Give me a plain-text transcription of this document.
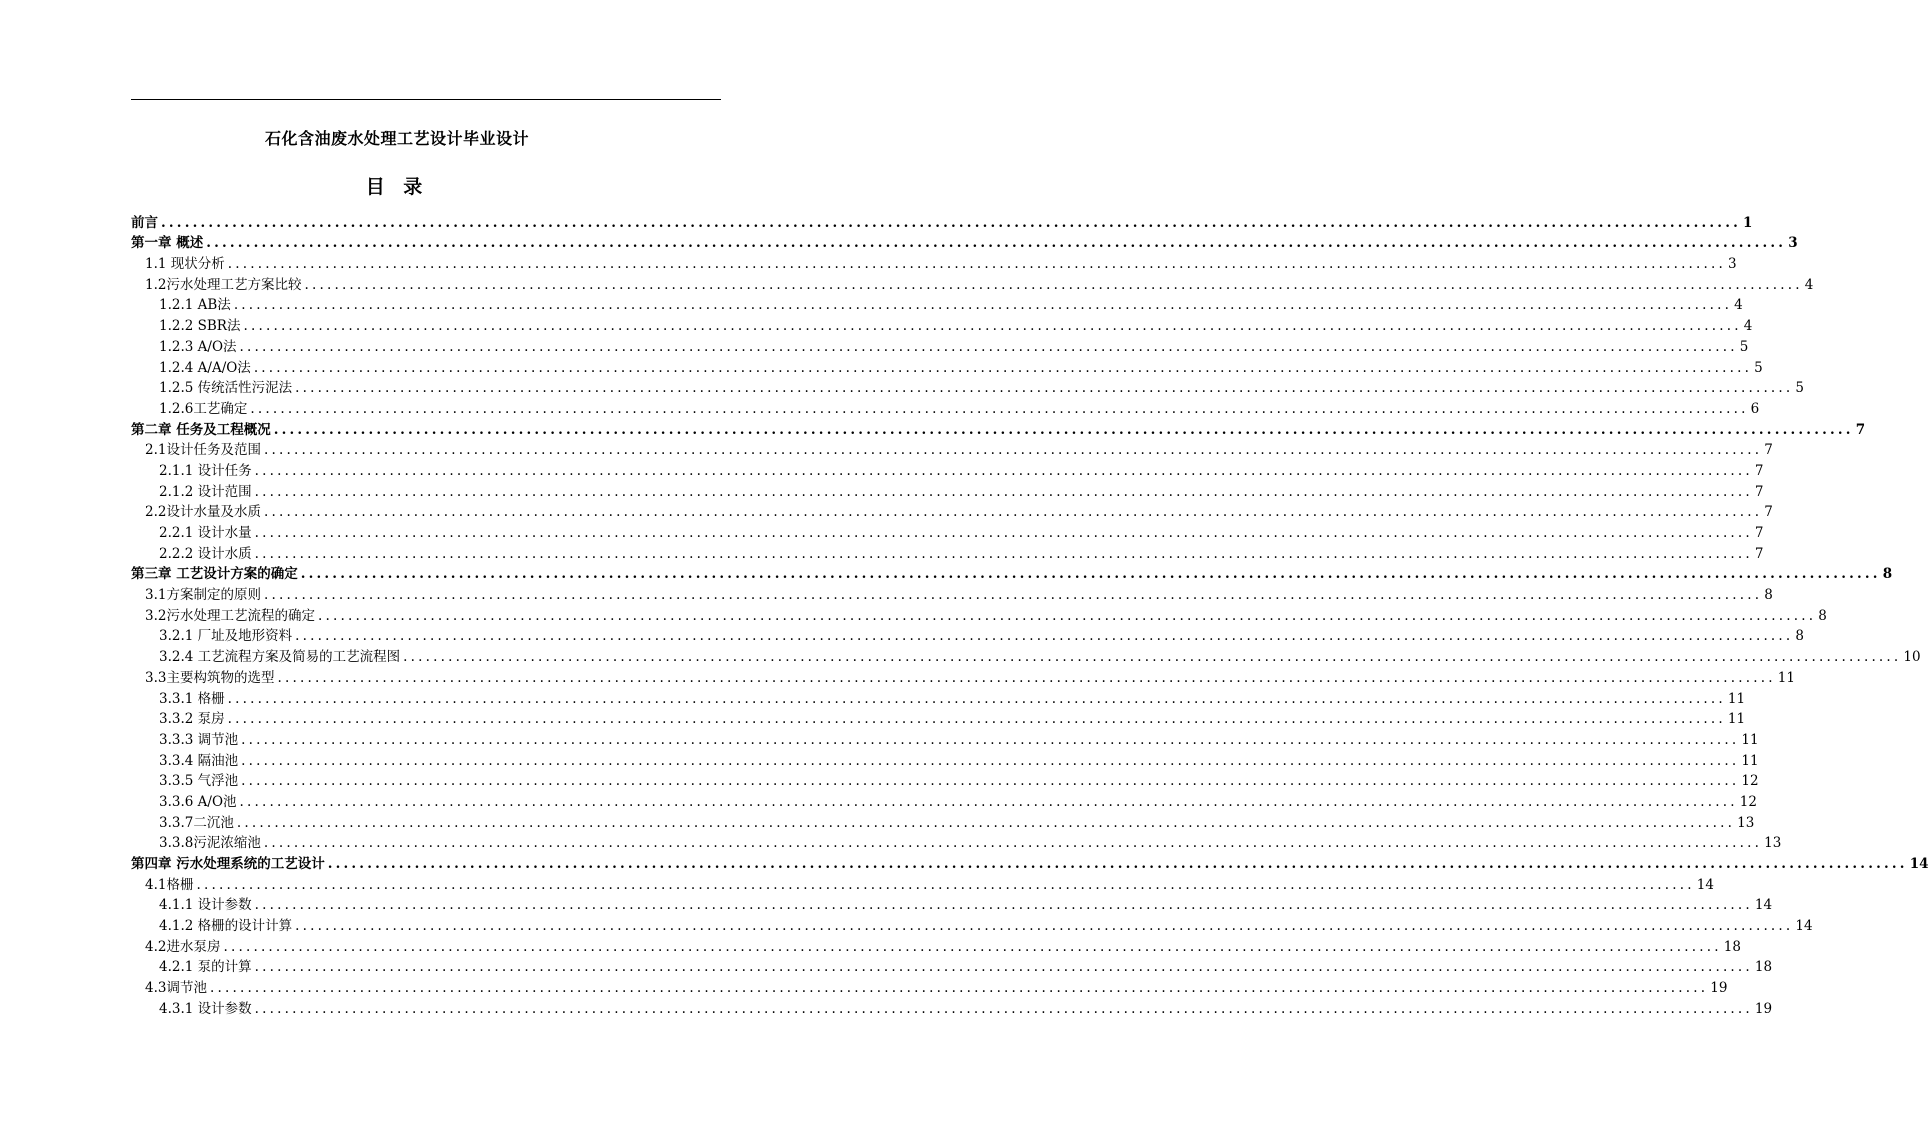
石化含油废水处理工艺设计毕业设计
目 录
前言 ........................................................................................................................................................................................................ 1
第一章 概述 ........................................................................................................................................................................................................ 3
1.1 现状分析 ........................................................................................................................................................................................................ 3
1.2污水处理工艺方案比较 ........................................................................................................................................................................................................ 4
1.2.1 AB法 ........................................................................................................................................................................................................ 4
1.2.2 SBR法 ........................................................................................................................................................................................................ 4
1.2.3 A/O法 ........................................................................................................................................................................................................ 5
1.2.4 A/A/O法 ........................................................................................................................................................................................................ 5
1.2.5 传统活性污泥法 ........................................................................................................................................................................................................ 5
1.2.6工艺确定 ........................................................................................................................................................................................................ 6
第二章 任务及工程概况 ........................................................................................................................................................................................................ 7
2.1设计任务及范围 ........................................................................................................................................................................................................ 7
2.1.1 设计任务 ........................................................................................................................................................................................................ 7
2.1.2 设计范围 ........................................................................................................................................................................................................ 7
2.2设计水量及水质 ........................................................................................................................................................................................................ 7
2.2.1 设计水量 ........................................................................................................................................................................................................ 7
2.2.2 设计水质 ........................................................................................................................................................................................................ 7
第三章 工艺设计方案的确定 ........................................................................................................................................................................................................ 8
3.1方案制定的原则 ........................................................................................................................................................................................................ 8
3.2污水处理工艺流程的确定 ........................................................................................................................................................................................................ 8
3.2.1 厂址及地形资料 ........................................................................................................................................................................................................ 8
3.2.4 工艺流程方案及简易的工艺流程图 ........................................................................................................................................................................................................ 10
3.3主要构筑物的选型 ........................................................................................................................................................................................................ 11
3.3.1 格栅 ........................................................................................................................................................................................................ 11
3.3.2 泵房 ........................................................................................................................................................................................................ 11
3.3.3 调节池 ........................................................................................................................................................................................................ 11
3.3.4 隔油池 ........................................................................................................................................................................................................ 11
3.3.5 气浮池 ........................................................................................................................................................................................................ 12
3.3.6 A/O池 ........................................................................................................................................................................................................ 12
3.3.7二沉池 ........................................................................................................................................................................................................ 13
3.3.8污泥浓缩池 ........................................................................................................................................................................................................ 13
第四章 污水处理系统的工艺设计 ........................................................................................................................................................................................................ 14
4.1格栅 ........................................................................................................................................................................................................ 14
4.1.1 设计参数 ........................................................................................................................................................................................................ 14
4.1.2 格栅的设计计算 ........................................................................................................................................................................................................ 14
4.2进水泵房 ........................................................................................................................................................................................................ 18
4.2.1 泵的计算 ........................................................................................................................................................................................................ 18
4.3调节池 ........................................................................................................................................................................................................ 19
4.3.1 设计参数 ........................................................................................................................................................................................................ 19
